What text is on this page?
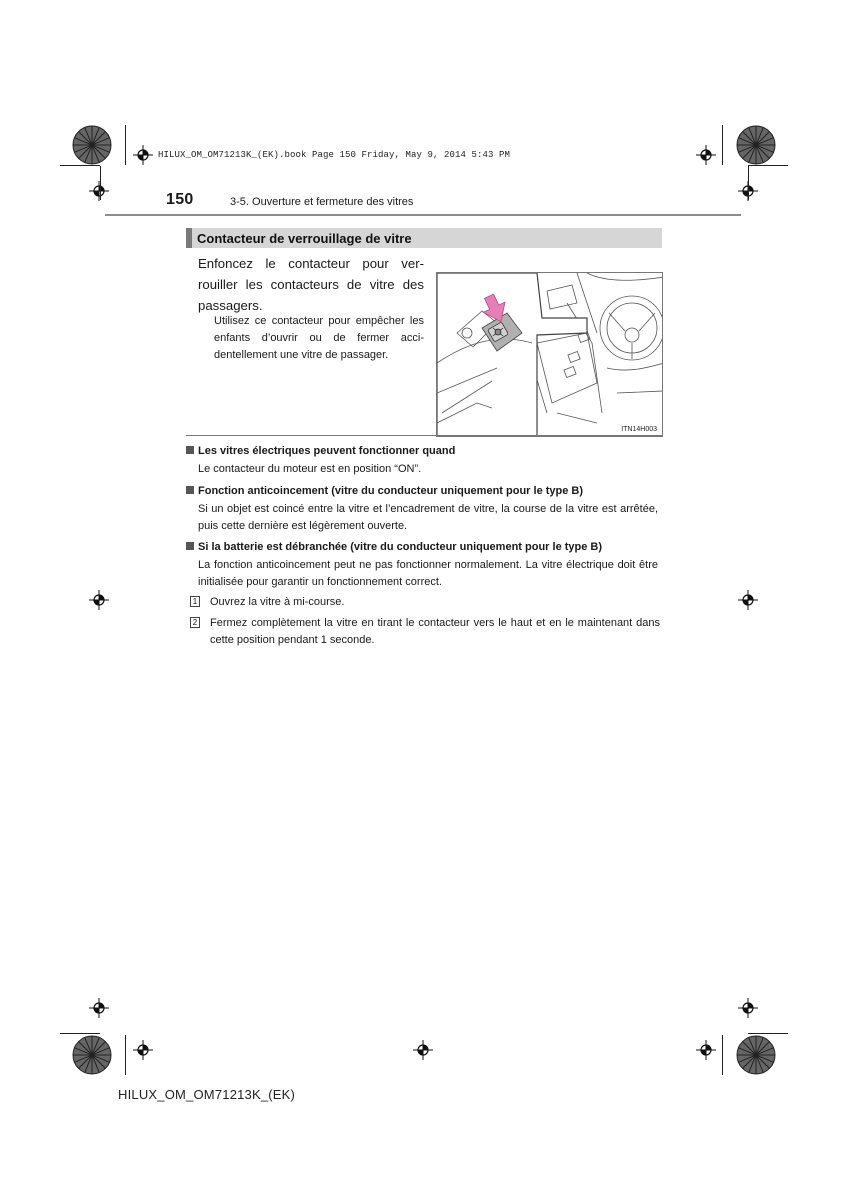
HILUX_OM_OM71213K_(EK).book Page 150 Friday, May 9, 2014 5:43 PM
150	3-5. Ouverture et fermeture des vitres
Contacteur de verrouillage de vitre
Enfoncez le contacteur pour ver-rouiller les contacteurs de vitre des passagers.
Utilisez ce contacteur pour empêcher les enfants d’ouvrir ou de fermer acci-dentellement une vitre de passager.
ITN14H003
Les vitres électriques peuvent fonctionner quand
Le contacteur du moteur est en position “ON”.
Fonction anticoincement (vitre du conducteur uniquement pour le type B)
Si un objet est coincé entre la vitre et l’encadrement de vitre, la course de la vitre est arrêtée, puis cette dernière est légèrement ouverte.
Si la batterie est débranchée (vitre du conducteur uniquement pour le type B)
La fonction anticoincement peut ne pas fonctionner normalement. La vitre électrique doit être initialisée pour garantir un fonctionnement correct.
1 Ouvrez la vitre à mi-course.
2 Fermez complètement la vitre en tirant le contacteur vers le haut et en le maintenant dans cette position pendant 1 seconde.
HILUX_OM_OM71213K_(EK)
